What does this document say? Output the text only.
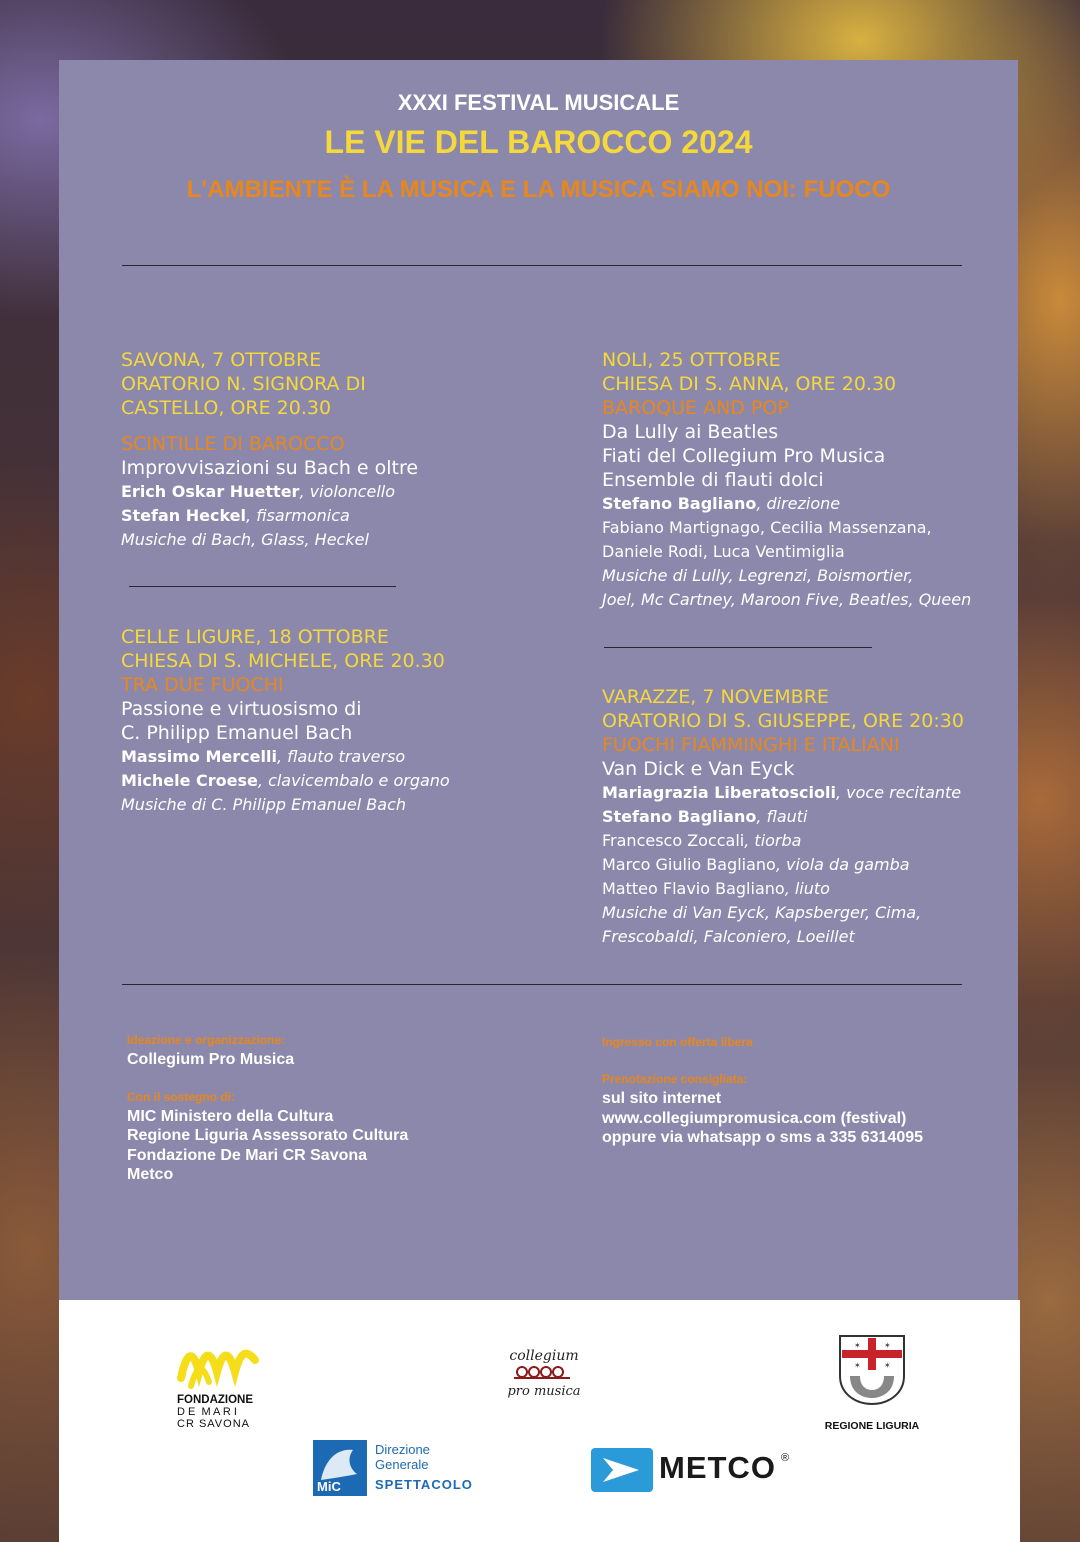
XXXI FESTIVAL MUSICALE
LE VIE DEL BAROCCO 2024
L'AMBIENTE È LA MUSICA E LA MUSICA SIAMO NOI: FUOCO
SAVONA, 7 OTTOBRE
ORATORIO N. SIGNORA DI
CASTELLO, ORE 20.30
SCINTILLE DI BAROCCO
Improvvisazioni su Bach e oltre
Erich Oskar Huetter, violoncello
Stefan Heckel, fisarmonica
Musiche di Bach, Glass, Heckel
CELLE LIGURE, 18 OTTOBRE
CHIESA DI S. MICHELE, ORE 20.30
TRA DUE FUOCHI
Passione e virtuosismo di
C. Philipp Emanuel Bach
Massimo Mercelli, flauto traverso
Michele Croese, clavicembalo e organo
Musiche di C. Philipp Emanuel Bach
NOLI, 25 OTTOBRE
CHIESA DI S. ANNA, ORE 20.30
BAROQUE AND POP
Da Lully ai Beatles
Fiati del Collegium Pro Musica
Ensemble di flauti dolci
Stefano Bagliano, direzione
Fabiano Martignago, Cecilia Massenzana,
Daniele Rodi, Luca Ventimiglia
Musiche di Lully, Legrenzi, Boismortier,
Joel, Mc Cartney, Maroon Five, Beatles, Queen
VARAZZE, 7 NOVEMBRE
ORATORIO DI S. GIUSEPPE, ORE 20:30
FUOCHI FIAMMINGHI E ITALIANI
Van Dick e Van Eyck
Mariagrazia Liberatoscioli, voce recitante
Stefano Bagliano, flauti
Francesco Zoccali, tiorba
Marco Giulio Bagliano, viola da gamba
Matteo Flavio Bagliano, liuto
Musiche di Van Eyck, Kapsberger, Cima,
Frescobaldi, Falconiero, Loeillet
Ideazione e organizzazione:
Collegium Pro Musica
Con il sostegno di:
MIC Ministero della Cultura
Regione Liguria Assessorato Cultura
Fondazione De Mari CR Savona
Metco
Ingresso con offerta libera
Prenotazione consigliata:
sul sito internet
www.collegiumpromusica.com (festival)
oppure via whatsapp o sms a 335 6314095
FONDAZIONE
D E  M A R I
CR SAVONA
collegium
pro musica
✶	✶
✶	✶
REGIONE LIGURIA
MiC
Direzione
Generale
SPETTACOLO	METCO ®
